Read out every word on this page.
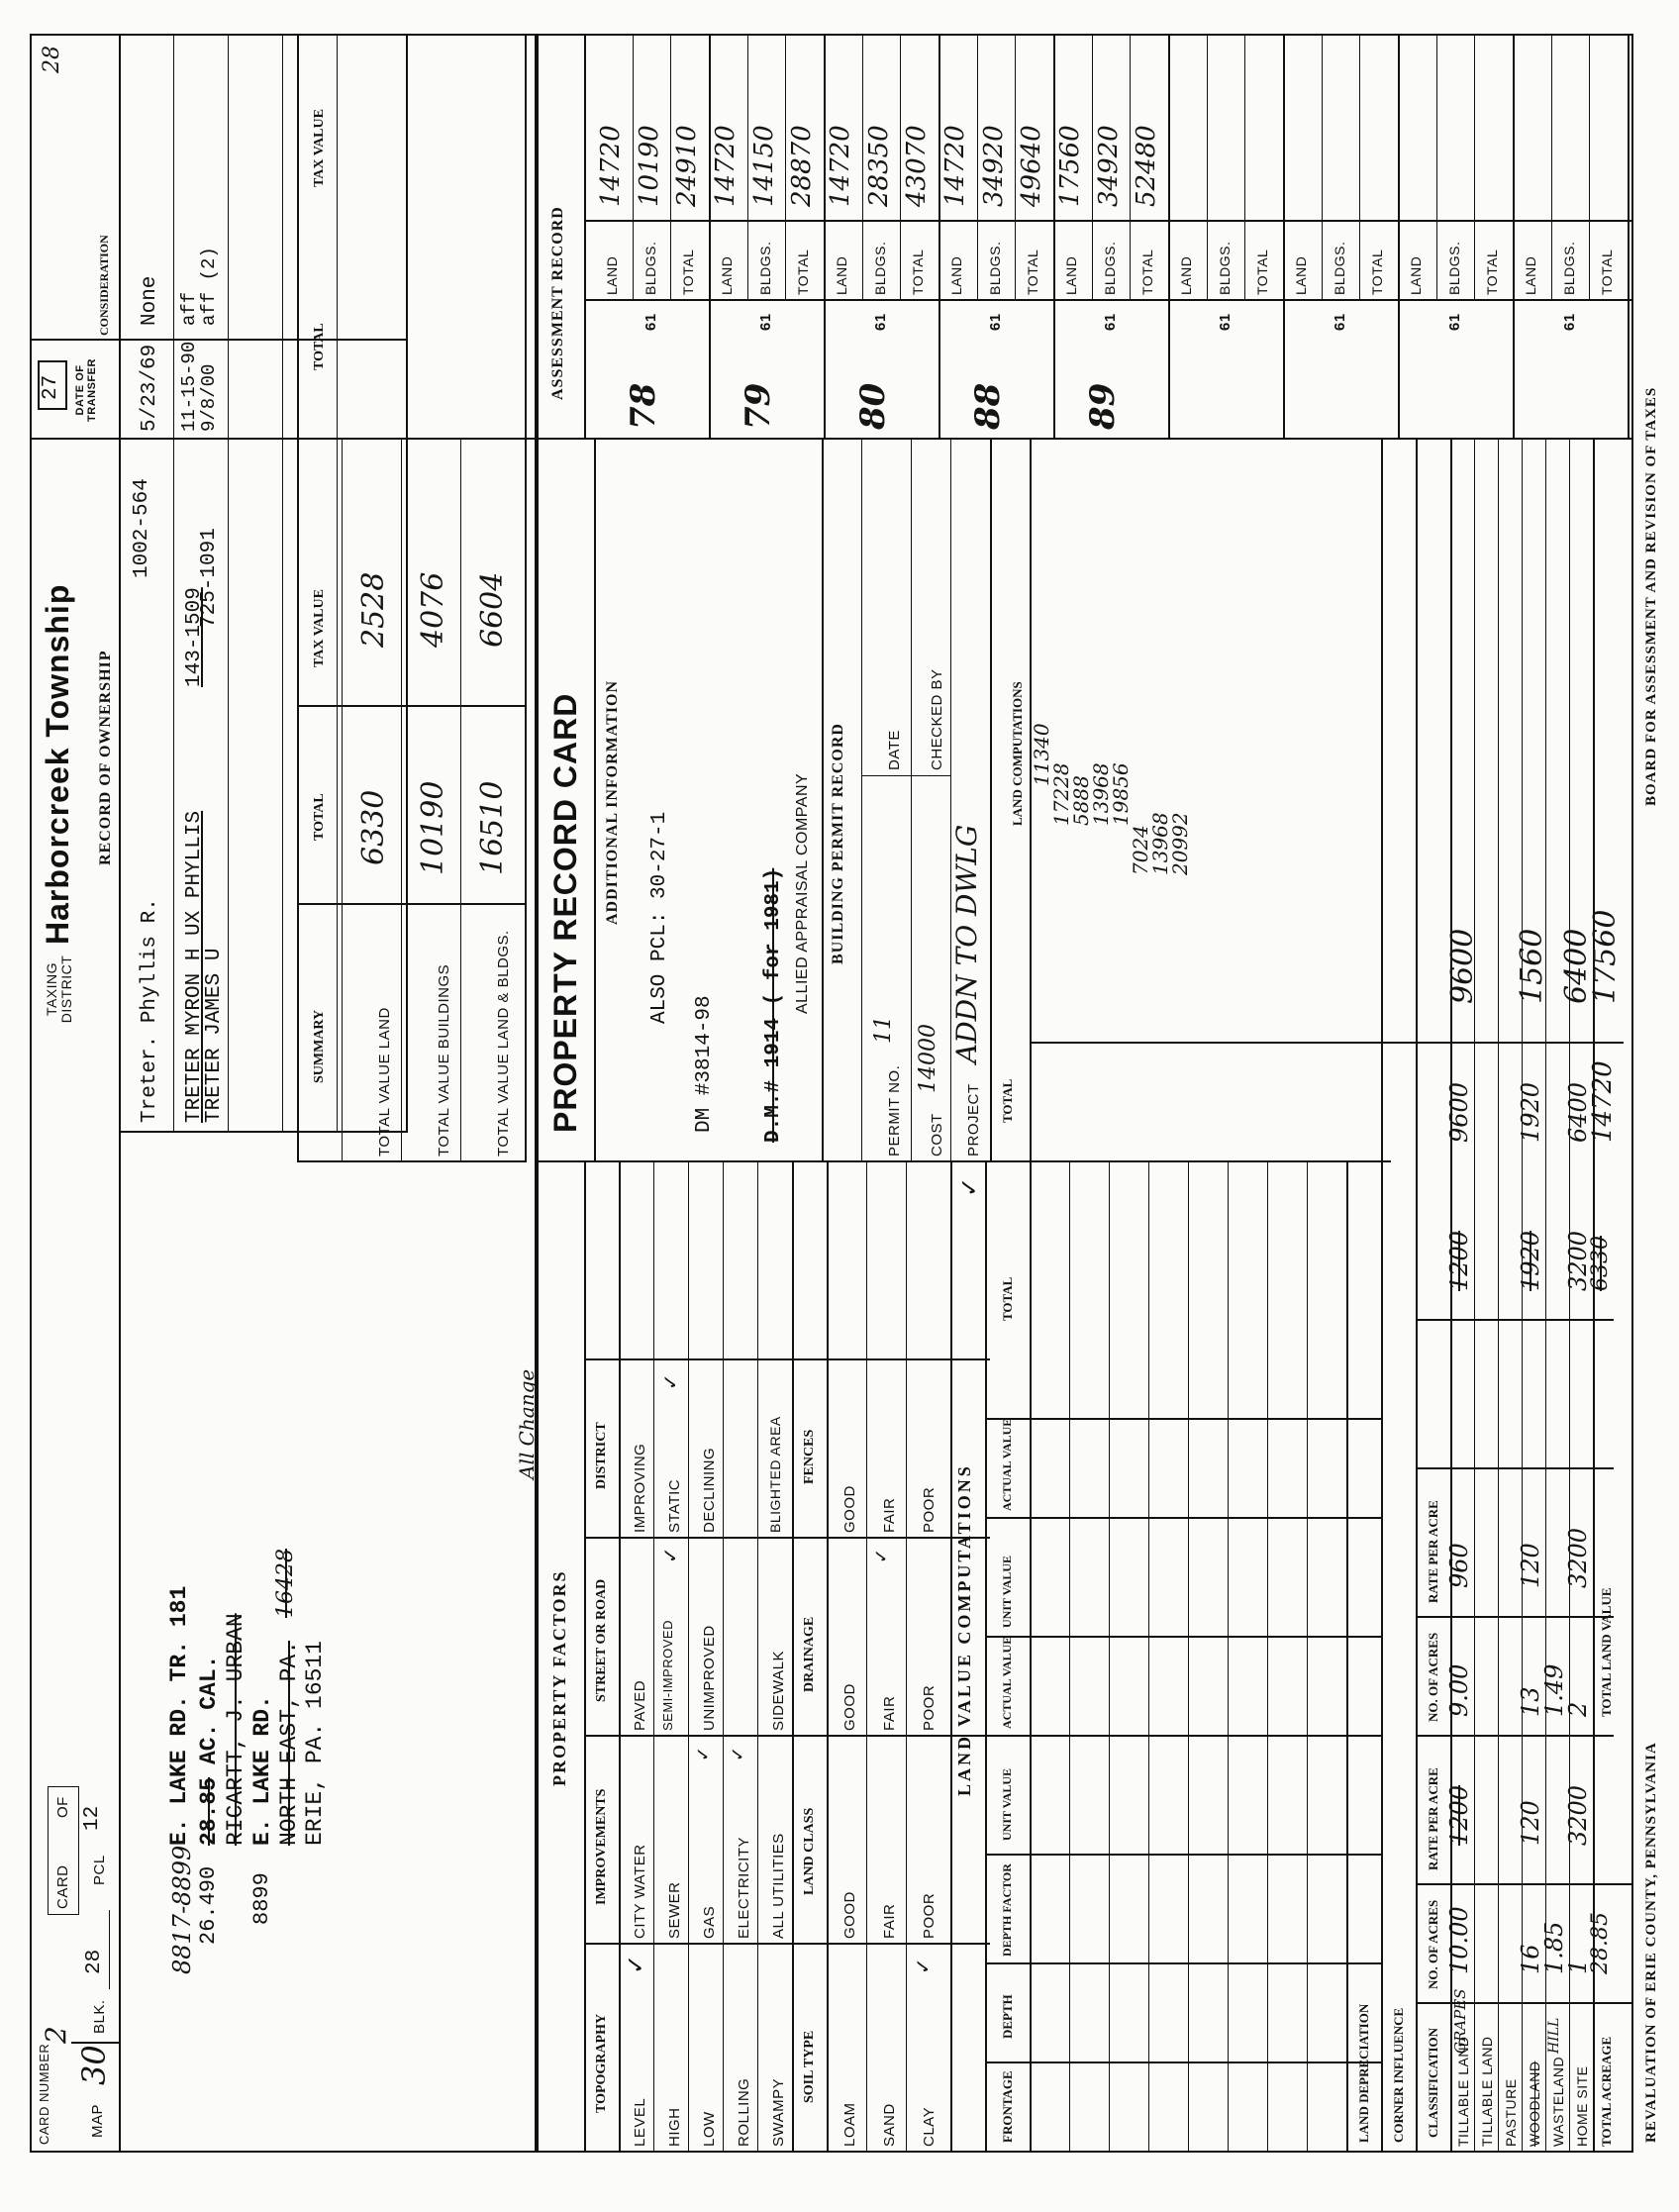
CARD NUMBER
2
MAP
30
BLK.
28
CARD
OF
PCL
12
TAXING DISTRICT
Harborcreek Township
27
28
8817-8899
E. LAKE RD. TR. 181
26.490
28.85
AC. CAL. RICARTT, J. URBAN
8899
E. LAKE RD. NORTH EAST, PA.
16428
ERIE, PA. 16511
RECORD OF OWNERSHIP
DATE OF TRANSFER
CONSIDERATION
Treter. Phyllis R.
1002-564
5/23/69
None
TRETER MYRON H UX PHYLLIS
143-1509
11-15-90
aff
TRETER JAMES U
725-1091
9/8/00
aff (2)
SUMMARY
TOTAL
TAX VALUE
TOTAL
TAX VALUE
TOTAL VALUE LAND
6330
2528
TOTAL VALUE BUILDINGS
10190
4076
TOTAL VALUE LAND & BLDGS.
16510
6604
PROPERTY RECORD CARD ADDITIONAL INFORMATION ALSO PCL: 30-27-1
DM #3814-98 D.M.# 1914 ( for 1981) ALLIED APPRAISAL COMPANY
All Change
BUILDING PERMIT RECORD
PERMIT NO.
11
DATE
COST
14000
CHECKED BY
PROJECT
ADDN TO DWLG
PROPERTY FACTORS
TOPOGRAPHY
IMPROVEMENTS
STREET OR ROAD
DISTRICT
LEVEL HIGH LOW ROLLING SWAMPY
✓
CITY WATER SEWER GAS ELECTRICITY ALL UTILITIES
✓ ✓
PAVED SEMI-IMPROVED UNIMPROVED	SIDEWALK
✓
IMPROVING STATIC DECLINING	BLIGHTED AREA
✓
SOIL TYPE
LAND CLASS
DRAINAGE
FENCES
LOAM SAND CLAY
✓
GOOD FAIR POOR
GOOD FAIR POOR
✓
GOOD FAIR POOR
✓
LAND VALUE COMPUTATIONS
FRONTAGE
DEPTH
DEPTH FACTOR
UNIT VALUE
ACTUAL VALUE
UNIT VALUE
ACTUAL VALUE
TOTAL
TOTAL
LAND COMPUTATIONS 11340
17228
5888
13968
19856
7024
13968
20992
LAND DEPRECIATION CORNER INFLUENCE CLASSIFICATION
NO. OF ACRES
RATE PER ACRE
NO. OF ACRES
RATE PER ACRE
TILLABLE LAND
GRAPES
10.00
1200
9.00
960
1200
9600
TILLABLE LAND PASTURE WOODLAND
16
120
13
120
1920
1920
WASTELAND
HILL
1.85
1.49
HOME SITE
1
3200
2
3200
3200
6400
TOTAL ACREAGE
28.85
TOTAL LAND VALUE
6330
14720
9600 1560 6400
17560
ASSESSMENT RECORD
78
61
LAND
14720
BLDGS.
10190
TOTAL
24910
79
61
LAND
14720
BLDGS.
14150
TOTAL
28870
80
61
LAND
14720
BLDGS.
28350
TOTAL
43070
88
61
LAND
14720
BLDGS.
34920
TOTAL
49640
89
61
LAND
17560
BLDGS.
34920
TOTAL
52480
61
LAND BLDGS. TOTAL
61
LAND BLDGS. TOTAL
61
LAND BLDGS. TOTAL
61
LAND BLDGS. TOTAL
REVALUATION OF ERIE COUNTY, PENNSYLVANIA
BOARD FOR ASSESSMENT AND REVISION OF TAXES
